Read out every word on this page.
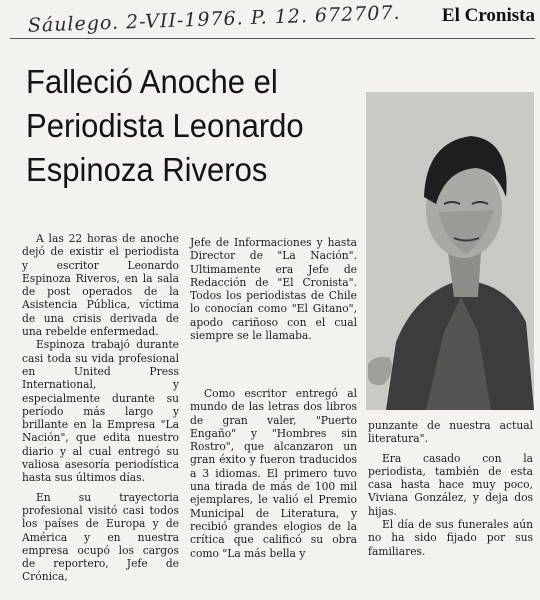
Sáulego. 2-VII-1976. P. 12. 672707.	El Cronista
Falleció Anoche el
Periodista Leonardo
Espinoza Riveros

A las 22 horas de anoche dejó de existir el periodista y escritor Leonardo Espinoza Riveros, en la sala de post operados de la Asistencia Pública, víctima de una crisis derivada de una rebelde enfermedad.

Espinoza trabajó durante casi toda su vida profesional en United Press International, y especialmente durante su período más largo y brillante en la Empresa "La Nación", que edita nuestro diario y al cual entregó su valiosa asesoría periodística hasta sus últimos días.

En su trayectoria profesional visitó casi todos los países de Europa y de América y en nuestra empresa ocupó los cargos de reportero, Jefe de Crónica,

Jefe de Informaciones y hasta Director de "La Nación". Ultimamente era Jefe de Redacción de "El Cronista". Todos los periodistas de Chile lo conocían como "El Gitano", apodo cariñoso con el cual siempre se le llamaba.

Como escritor entregó al mundo de las letras dos libros de gran valer, "Puerto Engaño" y "Hombres sin Rostro", que alcanzaron un gran éxito y fueron traducidos a 3 idiomas. El primero tuvo una tirada de más de 100 mil ejemplares, le valió el Premio Municipal de Literatura, y recibió grandes elogios de la crítica que calificó su obra como "La más bella y

punzante de nuestra actual literatura".

Era casado con la periodista, también de esta casa hasta hace muy poco, Viviana González, y deja dos hijas.

El día de sus funerales aún no ha sido fijado por sus familiares.
